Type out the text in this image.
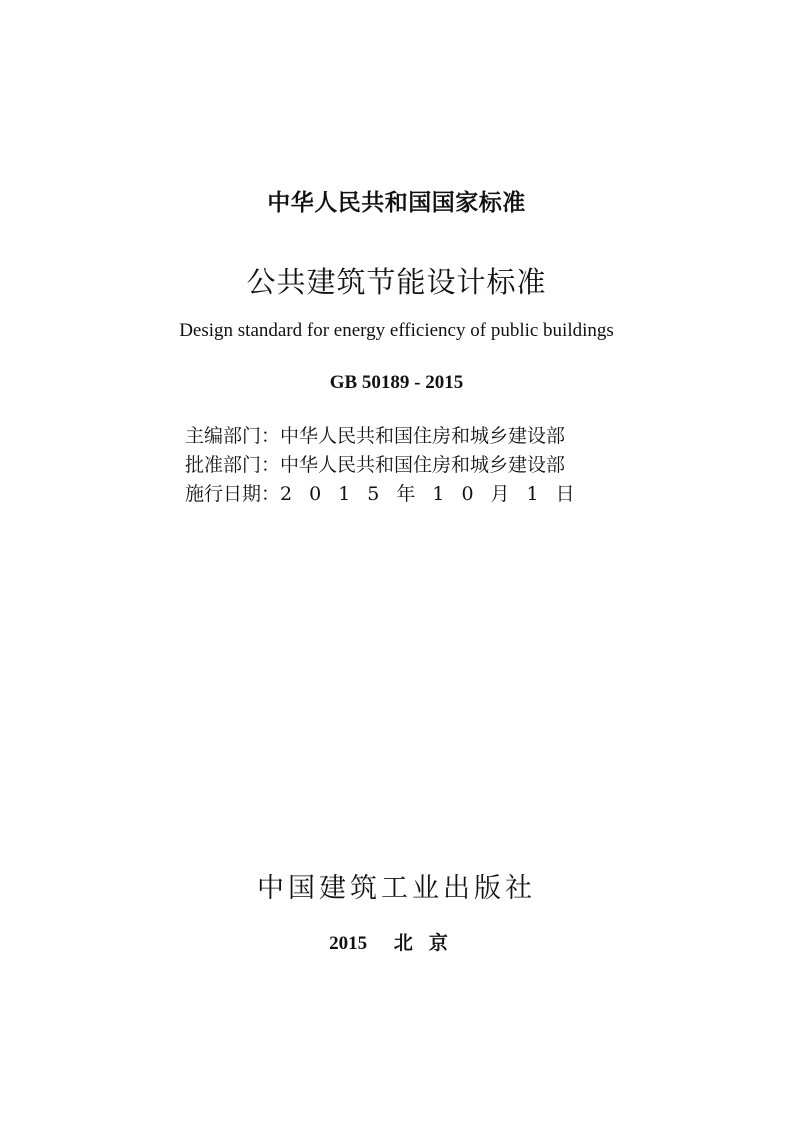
中华人民共和国国家标准
公共建筑节能设计标准
Design standard for energy efficiency of public buildings
GB 50189 - 2015
主编部门： 中华人民共和国住房和城乡建设部
批准部门： 中华人民共和国住房和城乡建设部
施行日期： 2015年10月1日
中国建筑工业出版社
2015 北京
